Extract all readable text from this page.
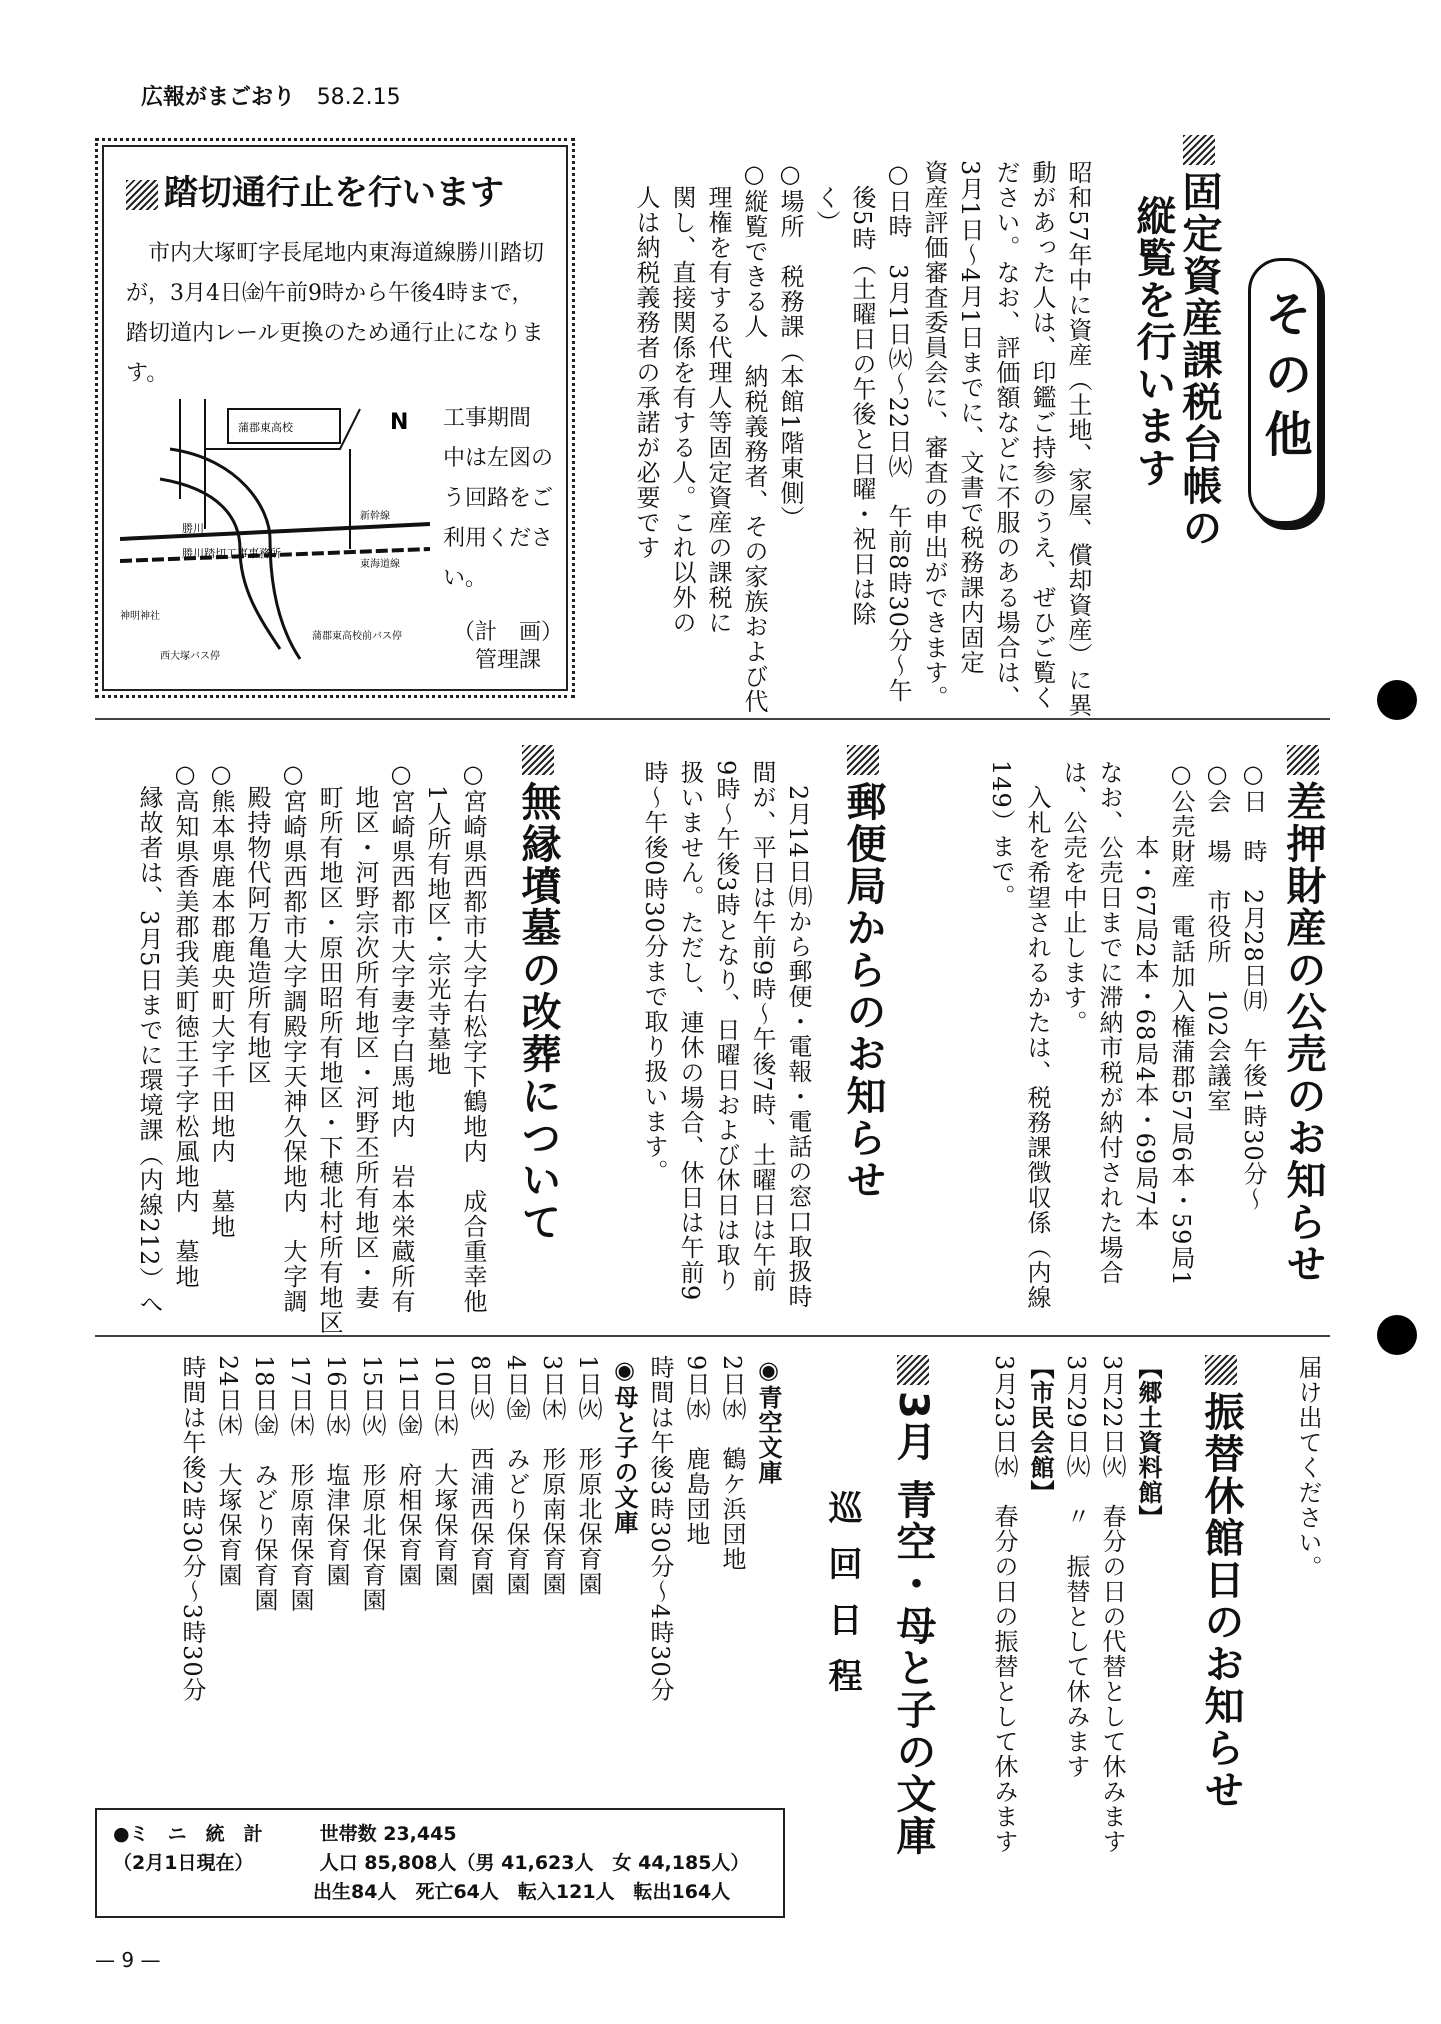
広報がまごおり 58.2.15
その他
固定資産課税台帳の
縦覧を行います

昭和57年中に資産（土地、家屋、償却資産）に異

動があった人は、印鑑ご持参のうえ、ぜひご覧く

ださい。なお、評価額などに不服のある場合は、

3月1日〜4月1日までに、文書で税務課内固定

資産評価審査委員会に、審査の申出ができます。

○日時　3月1日㈫〜22日㈫　午前8時30分〜午

　後5時（土曜日の午後と日曜・祝日は除

　く）

○場所　税務課（本館1階東側）

○縦覧できる人　納税義務者、その家族および代

　理権を有する代理人等固定資産の課税に

　関し、直接関係を有する人。これ以外の

　人は納税義務者の承諾が必要です

踏切通行止を行います
市内大塚町字長尾地内東海道線勝川踏切が，3月4日㈮午前9時から午後4時まで，踏切道内レール更換のため通行止になります。
蒲郡東高校
勝川
勝川踏切工事事務所
新幹線
東海道線
神明神社
西大塚バス停
蒲郡東高校前バス停
N 工事期間
中は左図の
う回路をご
利用くださ
い。
（計　画）
管理課
差押財産の公売のお知らせ

○日　時　2月28日㈪　午後1時30分〜

○会　場　市役所　102会議室

○公売財産　電話加入権蒲郡57局6本・59局1

　　　本・67局2本・68局4本・69局7本

なお、公売日までに滞納市税が納付された場合

は、公売を中止します。

　入札を希望されるかたは、税務課徴収係（内線

149）まで。

郵便局からのお知らせ

　2月14日㈪から郵便・電報・電話の窓口取扱時

間が、平日は午前9時〜午後7時、土曜日は午前

9時〜午後3時となり、日曜日および休日は取り

扱いません。ただし、連休の場合、休日は午前9

時〜午後0時30分まで取り扱います。

無縁墳墓の改葬について

○宮崎県西都市大字右松字下鶴地内　成合重幸他

　1人所有地区・宗光寺墓地

○宮崎県西都市大字妻字白馬地内　岩本栄蔵所有

　地区・河野宗次所有地区・河野丕所有地区・妻

　町所有地区・原田昭所有地区・下穂北村所有地区

○宮崎県西都市大字調殿字天神久保地内　大字調

　殿持物代阿万亀造所有地区

○熊本県鹿本郡鹿央町大字千田地内　墓地

○高知県香美郡我美町徳王子字松風地内　墓地

　縁故者は、3月5日までに環境課（内線212）へ

届け出てください。

振替休館日のお知らせ

【郷土資料館】

3月22日㈫　春分の日の代替として休みます

3月29日㈫　〃　振替として休みます

【市民会館】

3月23日㈬　春分の日の振替として休みます

3月 青空・母と子の文庫
巡回日程

◉青空文庫

2日㈬　鶴ケ浜団地

9日㈬　鹿島団地

時間は午後3時30分〜4時30分

◉母と子の文庫

1日㈫　形原北保育園

3日㈭　形原南保育園

4日㈮　みどり保育園

8日㈫　西浦西保育園

10日㈭　大塚保育園

11日㈮　府相保育園

15日㈫　形原北保育園

16日㈬　塩津保育園

17日㈭　形原南保育園

18日㈮　みどり保育園

24日㈭　大塚保育園

時間は午後2時30分〜3時30分

●ミ　ニ　統　計	世帯数 23,445
（2月1日現在）	人口 85,808人（男 41,623人　女 44,185人）
出生84人　死亡64人　転入121人　転出164人
— 9 —
